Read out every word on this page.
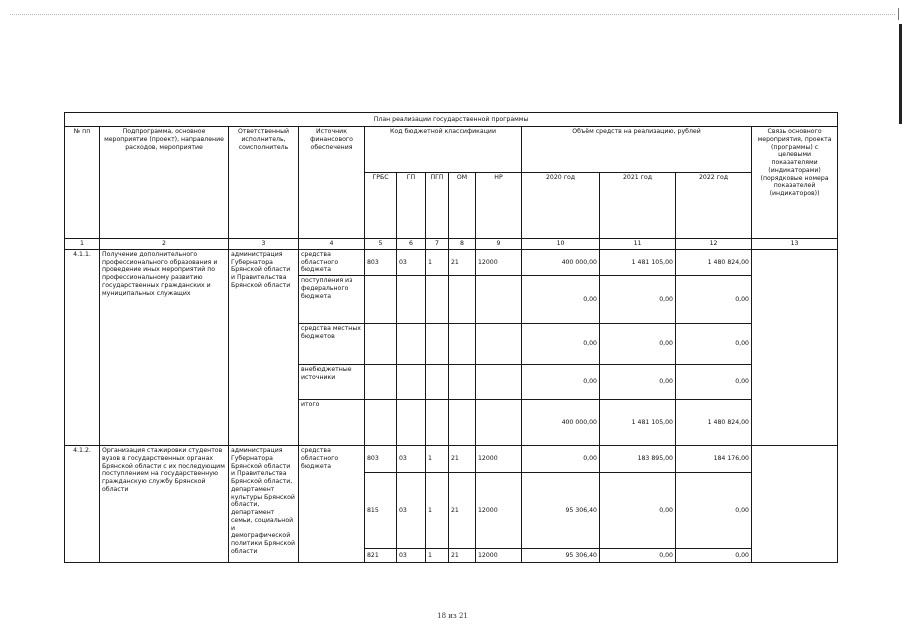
План реализации государственной программы												
№ пп	Подпрограмма, основное мероприятие (проект), направление расходов, мероприятие	Ответственный исполнитель, соисполнитель	Источник финансового обеспечения	Код бюджетной классификации					Объём средств на реализацию, рублей			Связь основного мероприятия, проекта (программы) с целевыми показателями (индикаторами) (порядковые номера показателей (индикаторов))
				ГРБС	ГП	ПГП	ОМ	НР	2020 год	2021 год	2022 год	
1	2	3	4	5	6	7	8	9	10	11	12	13
4.1.1.	Получение дополнительного профессионального образования и проведение иных мероприятий по профессиональному развитию государственных гражданских и муниципальных служащих	администрация Губернатора Брянской области и Правительства Брянской области	средства областного бюджета	803	03	1	21	12000	400 000,00	1 481 105,00	1 480 824,00	
			поступления из федерального бюджета						0,00	0,00	0,00	
			средства местных бюджетов						0,00	0,00	0,00	
			внебюджетные источники						0,00	0,00	0,00	
			итого						400 000,00	1 481 105,00	1 480 824,00	
4.1.2.	Организация стажировки студентов вузов в государственных органах Брянской области с их последующим поступлением на государственную гражданскую службу Брянской области	администрация Губернатора Брянской области и Правительства Брянской области, департамент культуры Брянской области, департамент семьи, социальной и демографической политики Брянской области	средства областного бюджета	803	03	1	21	12000	0,00	183 895,00	184 176,00	
				815	03	1	21	12000	95 306,40	0,00	0,00	
				821	03	1	21	12000	95 306,40	0,00	0,00	
18 из 21
